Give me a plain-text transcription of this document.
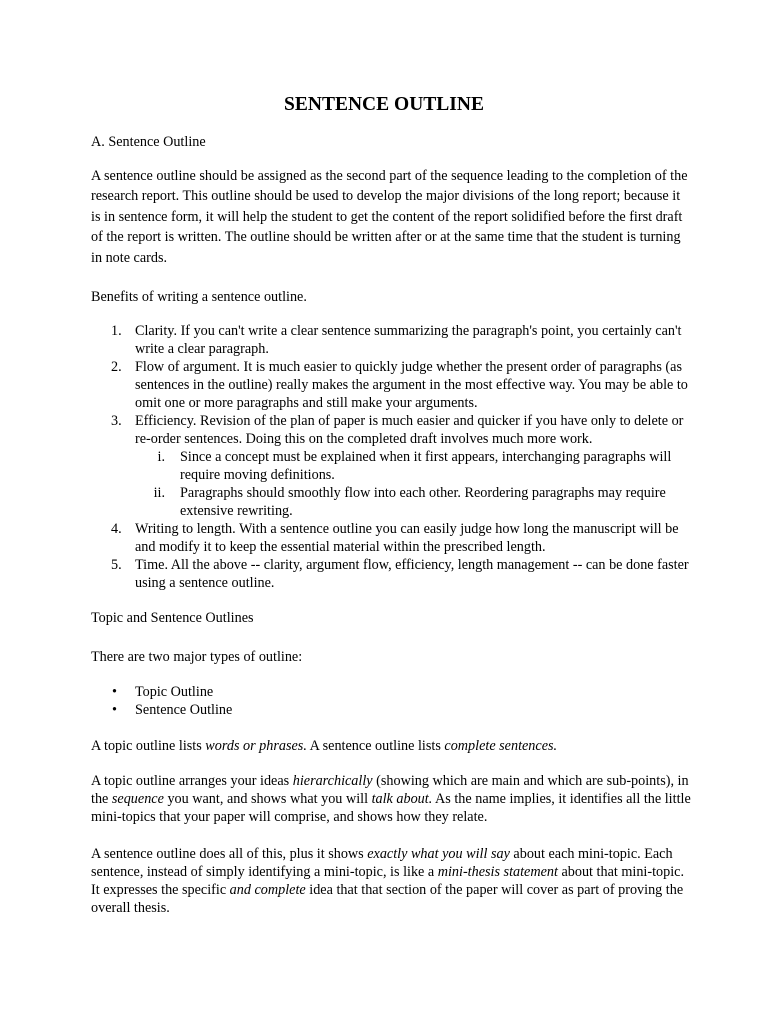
SENTENCE OUTLINE
A. Sentence Outline
A sentence outline should be assigned as the second part of the sequence leading to the completion of the research report. This outline should be used to develop the major divisions of the long report; because it is in sentence form, it will help the student to get the content of the report solidified before the first draft of the report is written. The outline should be written after or at the same time that the student is turning in note cards.
Benefits of writing a sentence outline.
1. Clarity. If you can't write a clear sentence summarizing the paragraph's point, you certainly can't write a clear paragraph.
2. Flow of argument. It is much easier to quickly judge whether the present order of paragraphs (as sentences in the outline) really makes the argument in the most effective way. You may be able to omit one or more paragraphs and still make your arguments.
3. Efficiency. Revision of the plan of paper is much easier and quicker if you have only to delete or re-order sentences. Doing this on the completed draft involves much more work.
i. Since a concept must be explained when it first appears, interchanging paragraphs will require moving definitions.
ii. Paragraphs should smoothly flow into each other. Reordering paragraphs may require extensive rewriting.
4. Writing to length. With a sentence outline you can easily judge how long the manuscript will be and modify it to keep the essential material within the prescribed length.
5. Time. All the above -- clarity, argument flow, efficiency, length management -- can be done faster using a sentence outline.
Topic and Sentence Outlines
There are two major types of outline:
• Topic Outline
• Sentence Outline
A topic outline lists words or phrases. A sentence outline lists complete sentences.
A topic outline arranges your ideas hierarchically (showing which are main and which are sub-points), in the sequence you want, and shows what you will talk about. As the name implies, it identifies all the little mini-topics that your paper will comprise, and shows how they relate.
A sentence outline does all of this, plus it shows exactly what you will say about each mini-topic. Each sentence, instead of simply identifying a mini-topic, is like a mini-thesis statement about that mini-topic. It expresses the specific and complete idea that that section of the paper will cover as part of proving the overall thesis.
